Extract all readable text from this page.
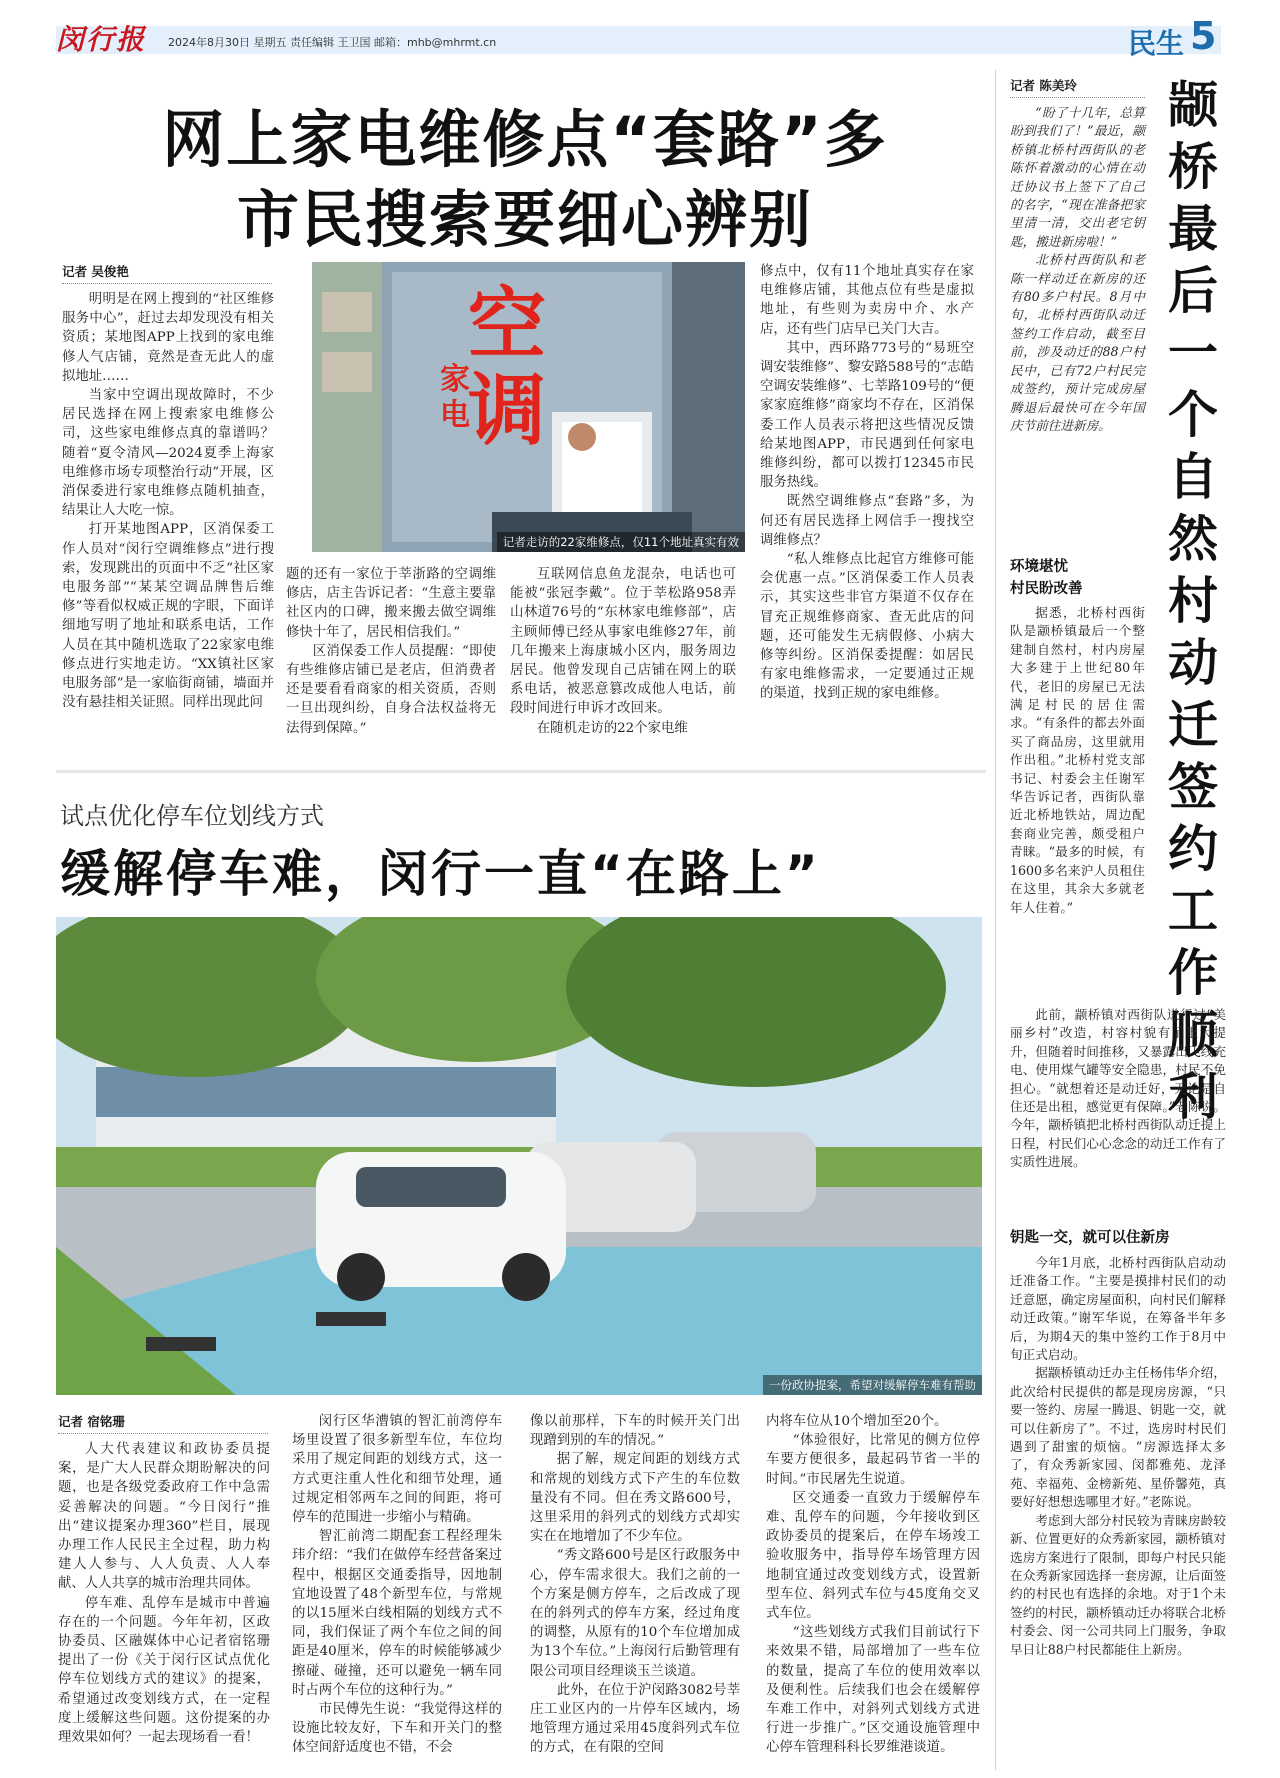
闵行报 2024年8月30日 星期五 责任编辑 王卫国 邮箱：mhb@mhrmt.cn	民生 5
网上家电维修点“套路”多
市民搜索要细心辨别
记者 吴俊艳

明明是在网上搜到的“社区维修服务中心”，赶过去却发现没有相关资质；某地图APP上找到的家电维修人气店铺，竟然是查无此人的虚拟地址……

当家中空调出现故障时，不少居民选择在网上搜索家电维修公司，这些家电维修点真的靠谱吗？随着“夏令清风—2024夏季上海家电维修市场专项整治行动”开展，区消保委进行家电维修点随机抽查，结果让人大吃一惊。

打开某地图APP，区消保委工作人员对“闵行空调维修点”进行搜索，发现跳出的页面中不乏“社区家电服务部”“某某空调品牌售后维修”等看似权威正规的字眼，下面详细地写明了地址和联系电话，工作人员在其中随机选取了22家家电维修点进行实地走访。“XX镇社区家电服务部”是一家临街商铺，墙面并没有悬挂相关证照。同样出现此问

空调
家电
记者走访的22家维修点，仅11个地址真实有效

题的还有一家位于莘浙路的空调维修店，店主告诉记者：“生意主要靠社区内的口碑，搬来搬去做空调维修快十年了，居民相信我们。”

区消保委工作人员提醒：“即使有些维修店铺已是老店，但消费者还是要看看商家的相关资质，否则一旦出现纠纷，自身合法权益将无法得到保障。”

互联网信息鱼龙混杂，电话也可能被“张冠李戴”。位于莘松路958弄山林道76号的“东林家电维修部”，店主顾师傅已经从事家电维修27年，前几年搬来上海康城小区内，服务周边居民。他曾发现自己店铺在网上的联系电话，被恶意篡改成他人电话，前段时间进行申诉才改回来。

在随机走访的22个家电维

修点中，仅有11个地址真实存在家电维修店铺，其他点位有些是虚拟地址，有些则为卖房中介、水产店，还有些门店早已关门大吉。

其中，西环路773号的“易班空调安装维修”、黎安路588号的“志皓空调安装维修”、七莘路109号的“便家家庭维修”商家均不存在，区消保委工作人员表示将把这些情况反馈给某地图APP，市民遇到任何家电维修纠纷，都可以拨打12345市民服务热线。

既然空调维修点“套路”多，为何还有居民选择上网信手一搜找空调维修点？

“私人维修点比起官方维修可能会优惠一点。”区消保委工作人员表示，其实这些非官方渠道不仅存在冒充正规维修商家、查无此店的问题，还可能发生无病假修、小病大修等纠纷。区消保委提醒：如居民有家电维修需求，一定要通过正规的渠道，找到正规的家电维修。

试点优化停车位划线方式
缓解停车难，闵行一直“在路上”
一份政协提案，希望对缓解停车难有帮助
记者 宿铭珊

人大代表建议和政协委员提案，是广大人民群众期盼解决的问题，也是各级党委政府工作中急需妥善解决的问题。“今日闵行”推出“建议提案办理360”栏目，展现办理工作人民民主全过程，助力构建人人参与、人人负责、人人奉献、人人共享的城市治理共同体。

停车难、乱停车是城市中普遍存在的一个问题。今年年初，区政协委员、区融媒体中心记者宿铭珊提出了一份《关于闵行区试点优化停车位划线方式的建议》的提案，希望通过改变划线方式，在一定程度上缓解这些问题。这份提案的办理效果如何？一起去现场看一看！

闵行区华漕镇的智汇前湾停车场里设置了很多新型车位，车位均采用了规定间距的划线方式，这一方式更注重人性化和细节处理，通过规定相邻两车之间的间距，将可停车的范围进一步缩小与精确。

智汇前湾二期配套工程经理朱玮介绍：“我们在做停车经营备案过程中，根据区交通委指导，因地制宜地设置了48个新型车位，与常规的以15厘米白线相隔的划线方式不同，我们保证了两个车位之间的间距是40厘米，停车的时候能够减少擦碰、碰撞，还可以避免一辆车同时占两个车位的这种行为。”

市民傅先生说：“我觉得这样的设施比较友好，下车和开关门的整体空间舒适度也不错，不会

像以前那样，下车的时候开关门出现蹭到别的车的情况。”

据了解，规定间距的划线方式和常规的划线方式下产生的车位数量没有不同。但在秀文路600号，这里采用的斜列式的划线方式却实实在在地增加了不少车位。

“秀文路600号是区行政服务中心，停车需求很大。我们之前的一个方案是侧方停车，之后改成了现在的斜列式的停车方案，经过角度的调整，从原有的10个车位增加成为13个车位。”上海闵行后勤管理有限公司项目经理谈玉兰谈道。

此外，在位于沪闵路3082号莘庄工业区内的一片停车区域内，场地管理方通过采用45度斜列式车位的方式，在有限的空间

内将车位从10个增加至20个。

“体验很好，比常见的侧方位停车要方便很多，最起码节省一半的时间。”市民屠先生说道。

区交通委一直致力于缓解停车难、乱停车的问题，今年接收到区政协委员的提案后，在停车场竣工验收服务中，指导停车场管理方因地制宜通过改变划线方式，设置新型车位、斜列式车位与45度角交叉式车位。

“这些划线方式我们目前试行下来效果不错，局部增加了一些车位的数量，提高了车位的使用效率以及便利性。后续我们也会在缓解停车难工作中，对斜列式划线方式进行进一步推广。”区交通设施管理中心停车管理科科长罗维港谈道。

颛桥最后一个自然村动迁签约工作顺利
记者 陈美玲

“盼了十几年，总算盼到我们了！”最近，颛桥镇北桥村西街队的老陈怀着激动的心情在动迁协议书上签下了自己的名字，“现在准备把家里清一清，交出老宅钥匙，搬进新房啦！”

北桥村西街队和老陈一样动迁在新房的还有80多户村民。8月中旬，北桥村西街队动迁签约工作启动，截至目前，涉及动迁的88户村民中，已有72户村民完成签约，预计完成房屋腾退后最快可在今年国庆节前往进新房。

环境堪忧
村民盼改善

据悉，北桥村西街队是颛桥镇最后一个整建制自然村，村内房屋大多建于上世纪80年代，老旧的房屋已无法满足村民的居住需求。“有条件的都去外面买了商品房，这里就用作出租。”北桥村党支部书记、村委会主任谢军华告诉记者，西街队靠近北桥地铁站，周边配套商业完善，颇受租户青睐。“最多的时候，有1600多名来沪人员租住在这里，其余大多就老年人住着。”

此前，颛桥镇对西街队进行过“美丽乡村”改造，村容村貌有了很大提升，但随着时间推移，又暴露出飞线充电、使用煤气罐等安全隐患，村民不免担心。“就想着还是动迁好，无论是自住还是出租，感觉更有保障。”老陈说。今年，颛桥镇把北桥村西街队动迁提上日程，村民们心心念念的动迁工作有了实质性进展。

钥匙一交，就可以住新房

今年1月底，北桥村西街队启动动迁准备工作。“主要是摸排村民们的动迁意愿，确定房屋面积，向村民们解释动迁政策。”谢军华说，在筹备半年多后，为期4天的集中签约工作于8月中旬正式启动。

据颛桥镇动迁办主任杨伟华介绍，此次给村民提供的都是现房房源，“只要一签约、房屋一腾退、钥匙一交，就可以住新房了”。不过，选房时村民们遇到了甜蜜的烦恼。“房源选择太多了，有众秀新家园、闵都雅苑、龙泽苑、幸福苑、金榜新苑、星侨馨苑，真要好好想想选哪里才好。”老陈说。

考虑到大部分村民较为青睐房龄较新、位置更好的众秀新家园，颛桥镇对选房方案进行了限制，即每户村民只能在众秀新家园选择一套房源，让后面签约的村民也有选择的余地。对于1个未签约的村民，颛桥镇动迁办将联合北桥村委会、闵一公司共同上门服务，争取早日让88户村民都能住上新房。
